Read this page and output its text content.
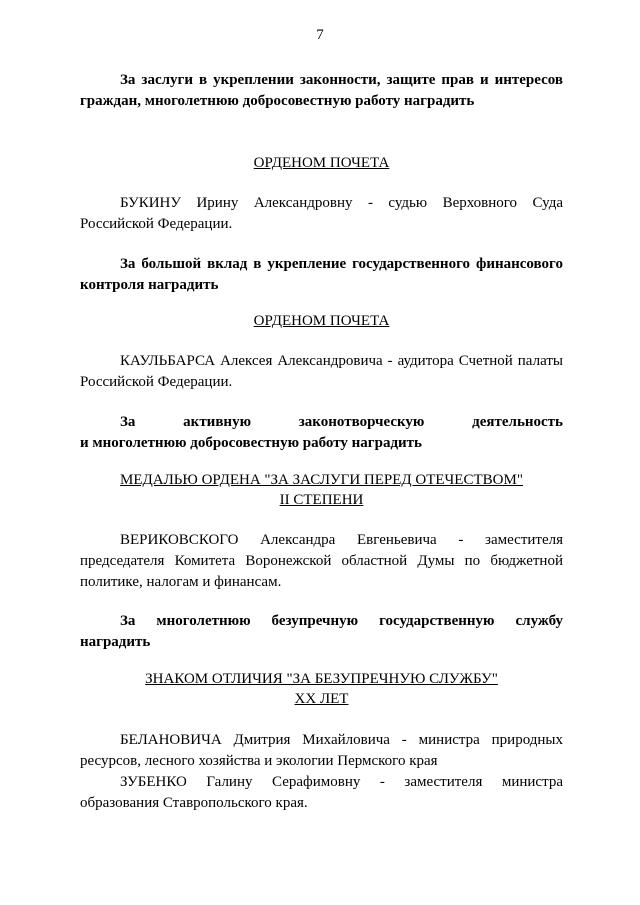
7

За заслуги в укреплении законности, защите прав и интересов граждан, многолетнюю добросовестную работу наградить

ОРДЕНОМ ПОЧЕТА

БУКИНУ Ирину Александровну - судью Верховного Суда Российской Федерации.

За большой вклад в укрепление государственного финансового контроля наградить

ОРДЕНОМ ПОЧЕТА

КАУЛЬБАРСА Алексея Александровича - аудитора Счетной палаты Российской Федерации.

За	активную	законотворческую	деятельность
и многолетнюю добросовестную работу наградить
МЕДАЛЬЮ ОРДЕНА "ЗА ЗАСЛУГИ ПЕРЕД ОТЕЧЕСТВОМ"
II СТЕПЕНИ

ВЕРИКОВСКОГО Александра Евгеньевича - заместителя председателя Комитета Воронежской областной Думы по бюджетной политике, налогам и финансам.

За многолетнюю безупречную государственную службу наградить

ЗНАКОМ ОТЛИЧИЯ "ЗА БЕЗУПРЕЧНУЮ СЛУЖБУ"
XX ЛЕТ

БЕЛАНОВИЧА Дмитрия Михайловича - министра природных ресурсов, лесного хозяйства и экологии Пермского края

ЗУБЕНКО Галину Серафимовну - заместителя министра образования Ставропольского края.
